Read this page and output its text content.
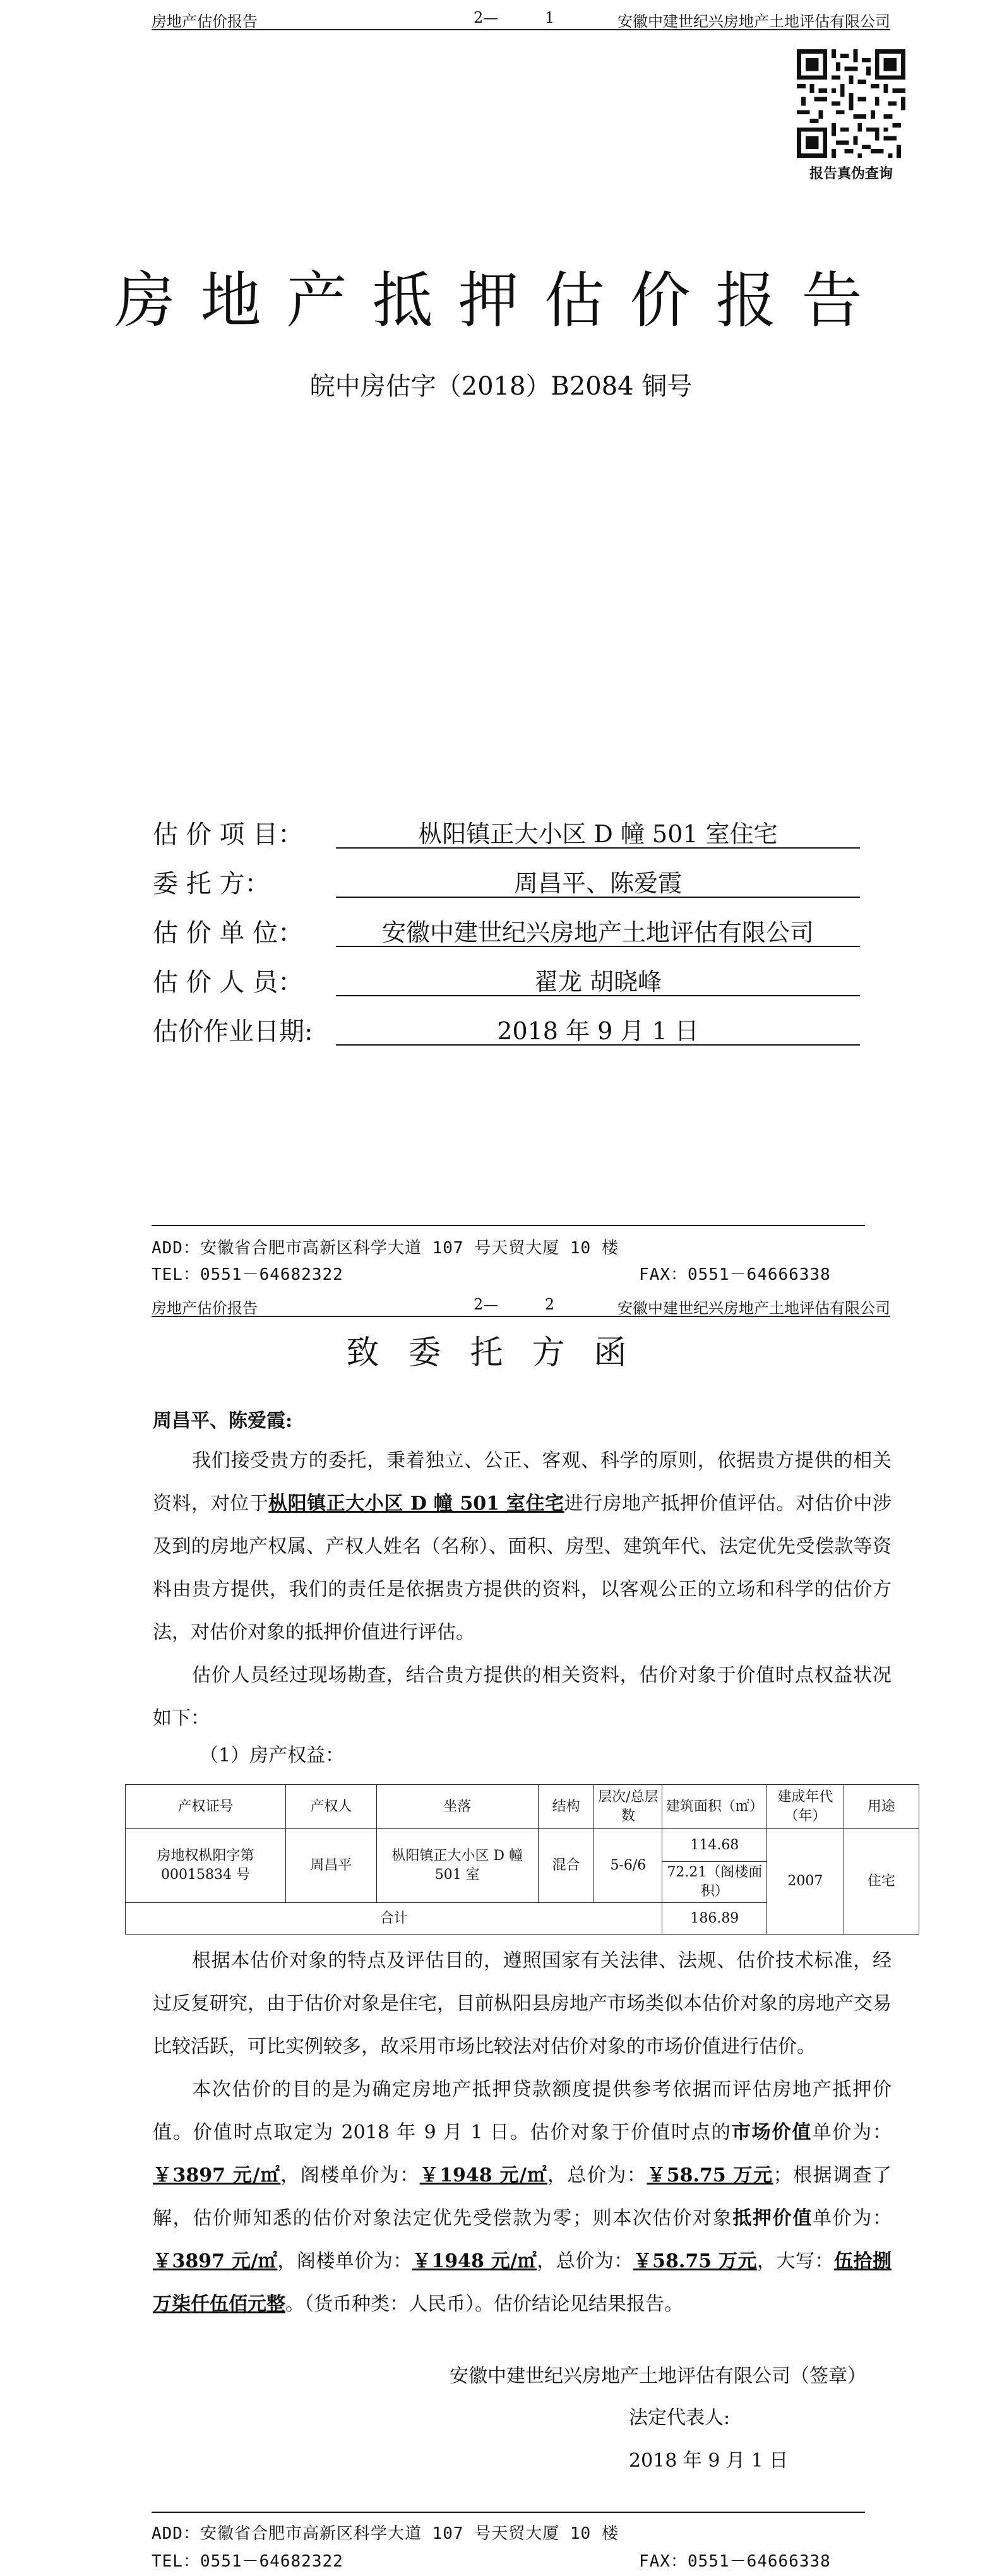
房地产估价报告	2— 1	安徽中建世纪兴房地产土地评估有限公司
报告真伪查询
房地产抵押估价报告
皖中房估字（2018）B2084 铜号
估 价 项 目：	枞阳镇正大小区 D 幢 501 室住宅
委 托 方：	周昌平、陈爱霞
估 价 单 位：	安徽中建世纪兴房地产土地评估有限公司
估 价 人 员：	翟龙 胡晓峰
估价作业日期:	2018 年 9 月 1 日
ADD：安徽省合肥市高新区科学大道 107 号天贸大厦 10 楼
TEL：0551－64682322	FAX：0551－64666338
房地产估价报告	2— 2	安徽中建世纪兴房地产土地评估有限公司
致委托方函
周昌平、陈爱霞:
我们接受贵方的委托，秉着独立、公正、客观、科学的原则，依据贵方提供的相关资料，对位于枞阳镇正大小区 D 幢 501 室住宅进行房地产抵押价值评估。对估价中涉及到的房地产权属、产权人姓名（名称）、面积、房型、建筑年代、法定优先受偿款等资料由贵方提供，我们的责任是依据贵方提供的资料，以客观公正的立场和科学的估价方法，对估价对象的抵押价值进行评估。
估价人员经过现场勘查，结合贵方提供的相关资料，估价对象于价值时点权益状况如下：
（1）房产权益：
产权证号	产权人	坐落	结构	层次/总层数	建筑面积（㎡）	建成年代（年）	用途
房地权枞阳字第 00015834 号	周昌平	枞阳镇正大小区 D 幢 501 室	混合	5-6/6	114.68	2007	住宅
					72.21（阁楼面积）		
合计					186.89		
根据本估价对象的特点及评估目的，遵照国家有关法律、法规、估价技术标准，经过反复研究，由于估价对象是住宅，目前枞阳县房地产市场类似本估价对象的房地产交易比较活跃，可比实例较多，故采用市场比较法对估价对象的市场价值进行估价。
本次估价的目的是为确定房地产抵押贷款额度提供参考依据而评估房地产抵押价值。价值时点取定为 2018 年 9 月 1 日。估价对象于价值时点的市场价值单价为：￥3897 元/㎡，阁楼单价为：￥1948 元/㎡，总价为：￥58.75 万元；根据调查了解，估价师知悉的估价对象法定优先受偿款为零；则本次估价对象抵押价值单价为：￥3897 元/㎡，阁楼单价为：￥1948 元/㎡，总价为：￥58.75 万元，大写：伍拾捌万柒仟伍佰元整。（货币种类：人民币）。估价结论见结果报告。
安徽中建世纪兴房地产土地评估有限公司（签章）
法定代表人:
2018 年 9 月 1 日
ADD：安徽省合肥市高新区科学大道 107 号天贸大厦 10 楼
TEL：0551－64682322	FAX：0551－64666338
